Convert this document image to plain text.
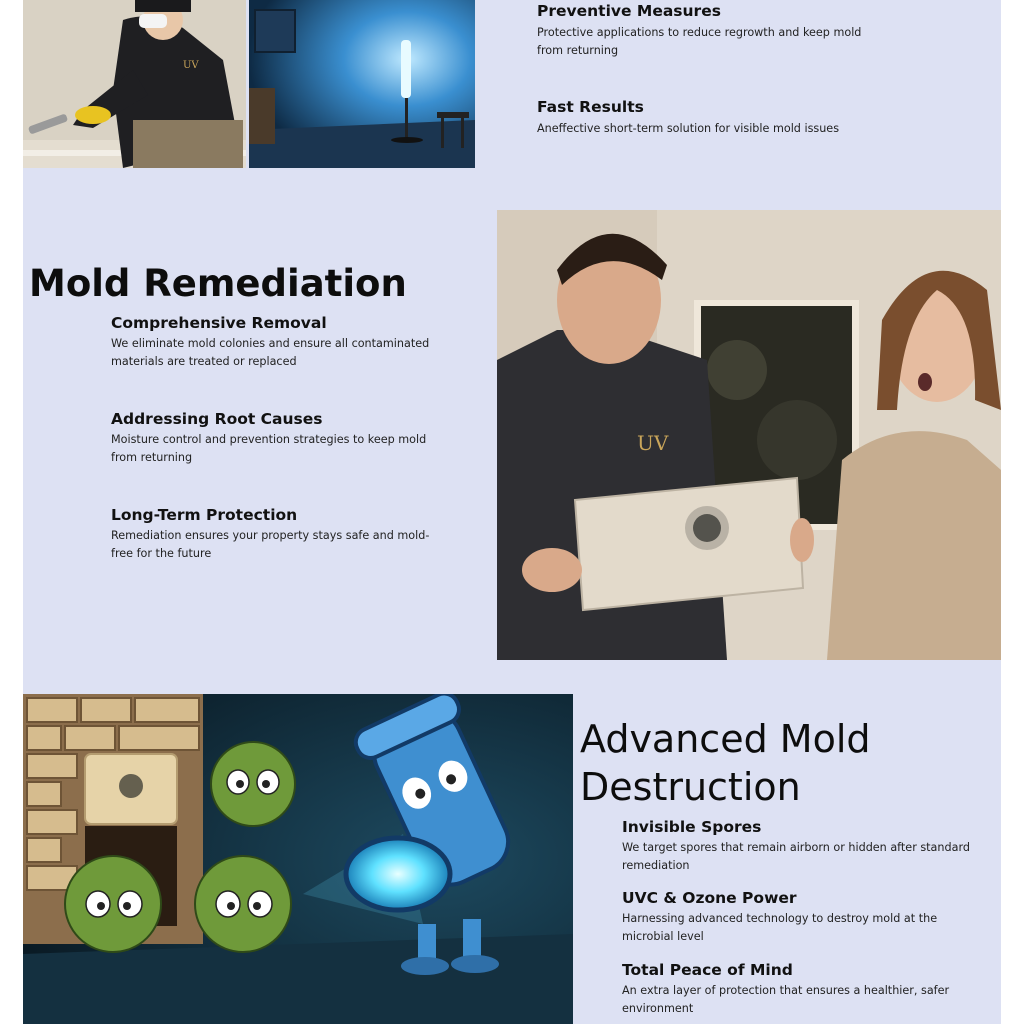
UV
Preventive Measures
Protective applications to reduce regrowth and keep mold from returning
Fast Results
Aneffective short-term solution for visible mold issues
Mold Remediation
Comprehensive Removal
We eliminate mold colonies and ensure all contaminated materials are treated or replaced
Addressing Root Causes
Moisture control and prevention strategies to keep mold from returning
Long-Term Protection
Remediation ensures your property stays safe and mold-free for the future
UV
Advanced Mold
Destruction
Invisible Spores
We target spores that remain airborn or hidden after standard remediation
UVC & Ozone Power
Harnessing advanced technology to destroy mold at the microbial level
Total Peace of Mind
An extra layer of protection that ensures a healthier, safer environment
